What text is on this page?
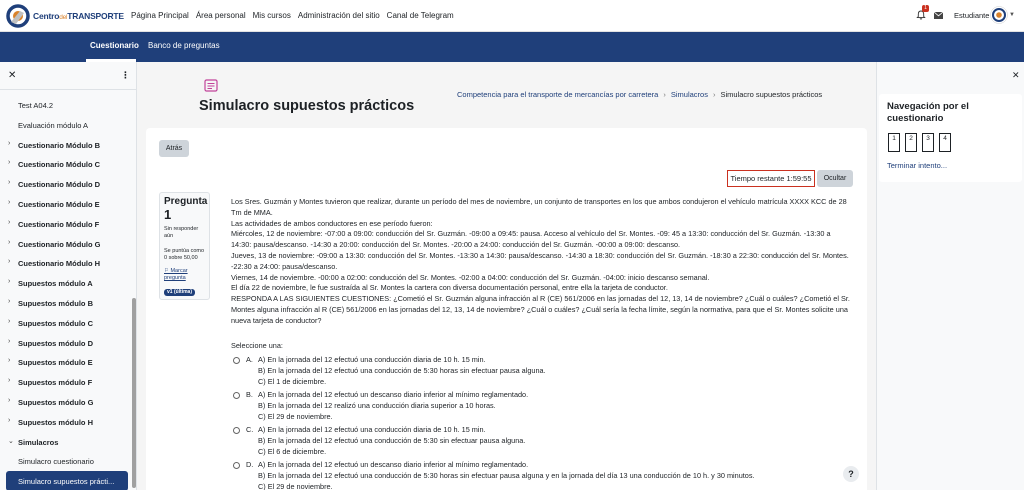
CentrodelTRANSPORTE Página Principal Área personal Mis cursos Administración del sitio Canal de Telegram
1
Estudiante	▼
Cuestionario Banco de preguntas
✕	⋮
Test A04.2
Evaluación módulo A
› Cuestionario Módulo B
› Cuestionario Módulo C
› Cuestionario Módulo D
› Cuestionario Módulo E
› Cuestionario Módulo F
› Cuestionario Módulo G
› Cuestionario Módulo H
› Supuestos módulo A
› Supuestos módulo B
› Supuestos módulo C
› Supuestos módulo D
› Supuestos módulo E
› Supuestos módulo F
› Supuestos módulo G
› Supuestos módulo H
⌄ Simulacros
Simulacro cuestionario
Simulacro supuestos prácti...
Simulacro supuestos prácticos
Competencia para el transporte de mercancías por carretera › Simulacros › Simulacro supuestos prácticos
Atrás
Tiempo restante 1:59:55	Ocultar
Pregunta
1
Sin responder aún
Se puntúa como 0 sobre 50,00
⚐ Marcar pregunta
v1 (última)

Los Sres. Guzmán y Montes tuvieron que realizar, durante un período del mes de noviembre, un conjunto de transportes en los que ambos condujeron el vehículo matrícula XXXX KCC de 28 Tm de MMA.

Las actividades de ambos conductores en ese período fueron:

Miércoles, 12 de noviembre: -07:00 a 09:00: conducción del Sr. Guzmán. -09:00 a 09:45: pausa. Acceso al vehículo del Sr. Montes. -09: 45 a 13:30: conducción del Sr. Guzmán. -13:30 a 14:30: pausa/descanso. -14:30 a 20:00: conducción del Sr. Montes. -20:00 a 24:00: conducción del Sr. Guzmán. -00:00 a 09:00: descanso.

Jueves, 13 de noviembre: -09:00 a 13:30: conducción del Sr. Montes. -13:30 a 14:30: pausa/descanso. -14:30 a 18:30: conducción del Sr. Guzmán. -18:30 a 22:30: conducción del Sr. Montes. -22:30 a 24:00: pausa/descanso.

Viernes, 14 de noviembre. -00:00 a 02:00: conducción del Sr. Montes. -02:00 a 04:00: conducción del Sr. Guzmán. -04:00: inicio descanso semanal.

El día 22 de noviembre, le fue sustraída al Sr. Montes la cartera con diversa documentación personal, entre ella la tarjeta de conductor.

RESPONDA A LAS SIGUIENTES CUESTIONES: ¿Cometió el Sr. Guzmán alguna infracción al R (CE) 561/2006 en las jornadas del 12, 13, 14 de noviembre? ¿Cuál o cuáles? ¿Cometió el Sr. Montes alguna infracción al R (CE) 561/2006 en las jornadas del 12, 13, 14 de noviembre? ¿Cuál o cuáles? ¿Cuál sería la fecha límite, según la normativa, para que el Sr. Montes solicite una nueva tarjeta de conductor?

Seleccione una:
A. A) En la jornada del 12 efectuó una conducción diaria de 10 h. 15 min.
B) En la jornada del 12 efectuó una conducción de 5:30 horas sin efectuar pausa alguna.
C) El 1 de diciembre.
B. A) En la jornada del 12 efectuó un descanso diario inferior al mínimo reglamentado.
B) En la jornada del 12 realizó una conducción diaria superior a 10 horas.
C) El 29 de noviembre.
C. A) En la jornada del 12 efectuó una conducción diaria de 10 h. 15 min.
B) En la jornada del 12 efectuó una conducción de 5:30 sin efectuar pausa alguna.
C) El 6 de diciembre.
D. A) En la jornada del 12 efectuó un descanso diario inferior al mínimo reglamentado.
B) En la jornada del 12 efectuó una conducción de 5:30 horas sin efectuar pausa alguna y en la jornada del día 13 una conducción de 10 h. y 30 minutos.
C) El 29 de noviembre.
?
✕
Navegación por el cuestionario
1	2	3	4
Terminar intento...
